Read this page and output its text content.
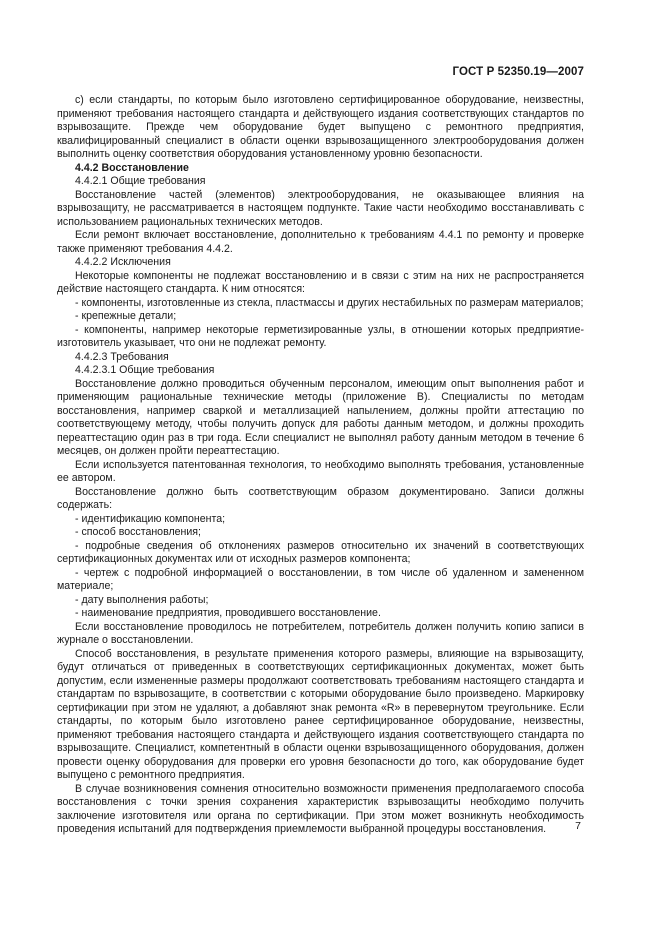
ГОСТ Р 52350.19—2007

с) если стандарты, по которым было изготовлено сертифицированное оборудование, неизвестны, применяют требования настоящего стандарта и действующего издания соответствующих стандартов по взрывозащите. Прежде чем оборудование будет выпущено с ремонтного предприятия, квалифицированный специалист в области оценки взрывозащищенного электрооборудования должен выполнить оценку соответствия оборудования установленному уровню безопасности.

4.4.2 Восстановление

4.4.2.1 Общие требования

Восстановление частей (элементов) электрооборудования, не оказывающее влияния на взрывозащиту, не рассматривается в настоящем подпункте. Такие части необходимо восстанавливать с использованием рациональных технических методов.

Если ремонт включает восстановление, дополнительно к требованиям 4.4.1 по ремонту и проверке также применяют требования 4.4.2.

4.4.2.2 Исключения

Некоторые компоненты не подлежат восстановлению и в связи с этим на них не распространяется действие настоящего стандарта. К ним относятся:

- компоненты, изготовленные из стекла, пластмассы и других нестабильных по размерам материалов;

- крепежные детали;

- компоненты, например некоторые герметизированные узлы, в отношении которых предприятие-изготовитель указывает, что они не подлежат ремонту.

4.4.2.3 Требования

4.4.2.3.1 Общие требования

Восстановление должно проводиться обученным персоналом, имеющим опыт выполнения работ и применяющим рациональные технические методы (приложение В). Специалисты по методам восстановления, например сваркой и металлизацией напылением, должны пройти аттестацию по соответствующему методу, чтобы получить допуск для работы данным методом, и должны проходить переаттестацию один раз в три года. Если специалист не выполнял работу данным методом в течение 6 месяцев, он должен пройти переаттестацию.

Если используется патентованная технология, то необходимо выполнять требования, установленные ее автором.

Восстановление должно быть соответствующим образом документировано. Записи должны содержать:

- идентификацию компонента;

- способ восстановления;

- подробные сведения об отклонениях размеров относительно их значений в соответствующих сертификационных документах или от исходных размеров компонента;

- чертеж с подробной информацией о восстановлении, в том числе об удаленном и замененном материале;

- дату выполнения работы;

- наименование предприятия, проводившего восстановление.

Если восстановление проводилось не потребителем, потребитель должен получить копию записи в журнале о восстановлении.

Способ восстановления, в результате применения которого размеры, влияющие на взрывозащиту, будут отличаться от приведенных в соответствующих сертификационных документах, может быть допустим, если измененные размеры продолжают соответствовать требованиям настоящего стандарта и стандартам по взрывозащите, в соответствии с которыми оборудование было произведено. Маркировку сертификации при этом не удаляют, а добавляют знак ремонта «R» в перевернутом треугольнике. Если стандарты, по которым было изготовлено ранее сертифицированное оборудование, неизвестны, применяют требования настоящего стандарта и действующего издания соответствующего стандарта по взрывозащите. Специалист, компетентный в области оценки взрывозащищенного оборудования, должен провести оценку оборудования для проверки его уровня безопасности до того, как оборудование будет выпущено с ремонтного предприятия.

В случае возникновения сомнения относительно возможности применения предполагаемого способа восстановления с точки зрения сохранения характеристик взрывозащиты необходимо получить заключение изготовителя или органа по сертификации. При этом может возникнуть необходимость проведения испытаний для подтверждения приемлемости выбранной процедуры восстановления.	7
